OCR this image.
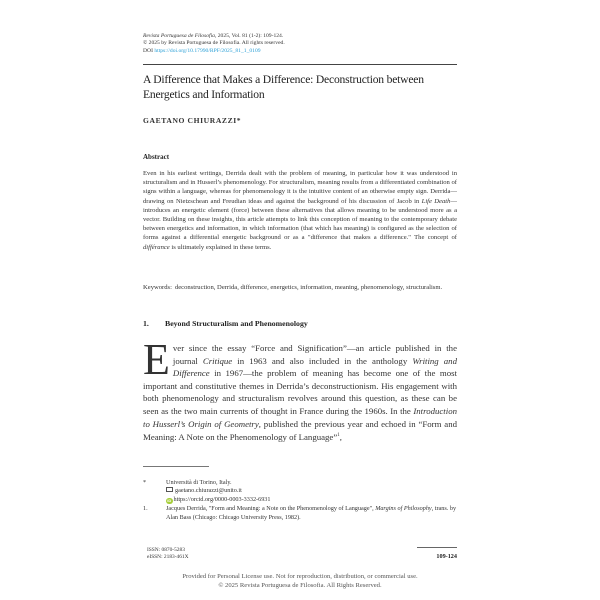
Revista Portuguesa de Filosofia, 2025, Vol. 81 (1-2): 109-124.
© 2025 by Revista Portuguesa de Filosofia. All rights reserved.
DOI https://doi.org/10.17990/RPF/2025_81_1_0109
A Difference that Makes a Difference: Deconstruction between Energetics and Information
GAETANO CHIURAZZI*
Abstract
Even in his earliest writings, Derrida dealt with the problem of meaning, in particular how it was understood in structuralism and in Husserl’s phenomenology. For structuralism, meaning results from a differentiated combination of signs within a language, whereas for phenomenology it is the intuitive content of an otherwise empty sign. Derrida—drawing on Nietzschean and Freudian ideas and against the background of his discussion of Jacob in Life Death—introduces an energetic element (force) between these alternatives that allows meaning to be understood more as a vector. Building on these insights, this article attempts to link this conception of meaning to the contemporary debate between energetics and information, in which information (that which has meaning) is configured as the selection of forms against a differential energetic background or as a "difference that makes a difference." The concept of différance is ultimately explained in these terms.
Keywords: deconstruction, Derrida, difference, energetics, information, meaning, phenomenology, structuralism.
1.	Beyond Structuralism and Phenomenology
Ever since the essay “Force and Signification”—an article published in the journal Critique in 1963 and also included in the anthology Writing and Difference in 1967—the problem of meaning has become one of the most important and constitutive themes in Derrida’s deconstructionism. His engagement with both phenomenology and structuralism revolves around this question, as these can be seen as the two main currents of thought in France during the 1960s. In the Introduction to Husserl’s Origin of Geometry, published the previous year and echoed in “Form and Meaning: A Note on the Phenomenology of Language”$^1$,
*	Università di Torino, Italy.
gaetano.chiurazzi@unito.it
iD https://orcid.org/0000-0003-3332-6931
1.	Jacques Derrida, "Form and Meaning: a Note on the Phenomenology of Language", Margins of Philosophy, trans. by Alan Bass (Chicago: Chicago University Press, 1982).
ISSN: 0870-5283
eISSN: 2183-461X	109-124
Provided for Personal License use. Not for reproduction, distribution, or commercial use.
© 2025 Revista Portuguesa de Filosofia. All Rights Reserved.
